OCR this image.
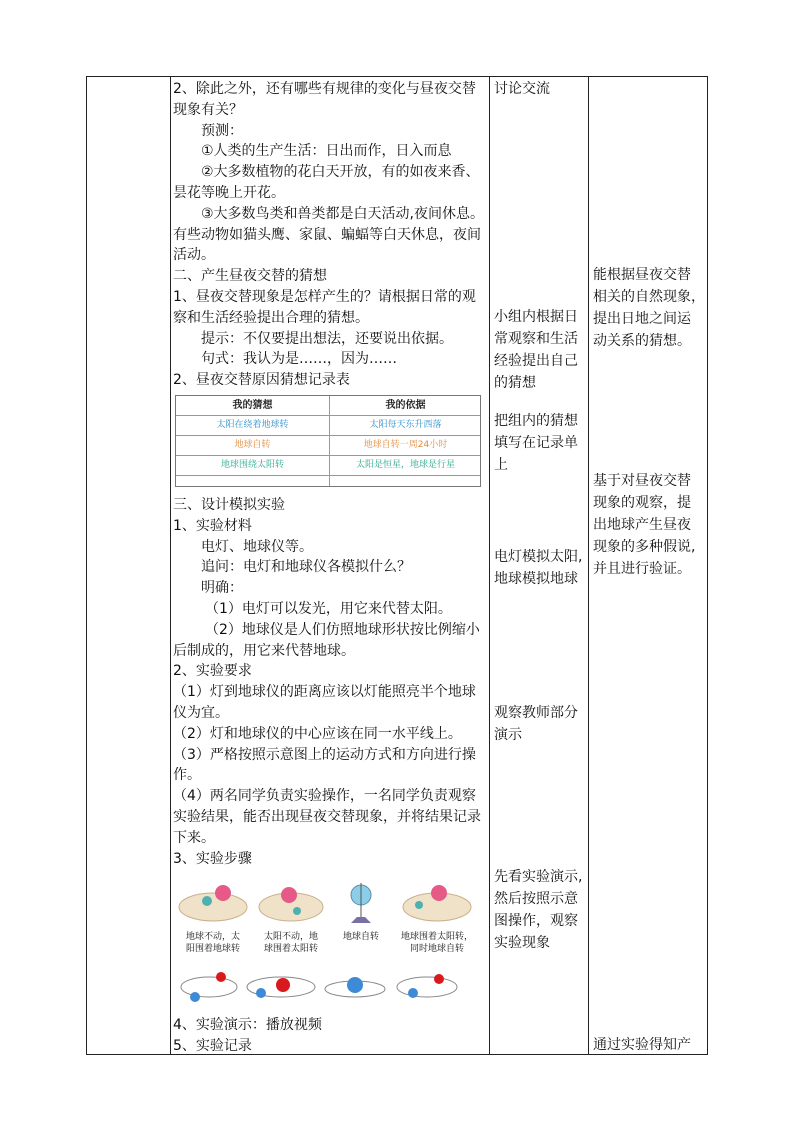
我的猜想	我的依据
太阳在绕着地球转	太阳每天东升西落
地球自转	地球自转一周24小时
地球围绕太阳转	太阳是恒星，地球是行星
2、除此之外，还有哪些有规律的变化与昼夜交替
现象有关？
预测：
①人类的生产生活：日出而作，日入而息
②大多数植物的花白天开放，有的如夜来香、
昙花等晚上开花。
③大多数鸟类和兽类都是白天活动,夜间休息。
有些动物如猫头鹰、家鼠、蝙蝠等白天休息，夜间
活动。
二、产生昼夜交替的猜想
1、昼夜交替现象是怎样产生的？请根据日常的观
察和生活经验提出合理的猜想。
提示：不仅要提出想法，还要说出依据。
句式：我认为是……，因为……
2、昼夜交替原因猜想记录表
三、设计模拟实验
1、实验材料
电灯、地球仪等。
追问：电灯和地球仪各模拟什么？
明确：
（1）电灯可以发光，用它来代替太阳。
（2）地球仪是人们仿照地球形状按比例缩小
后制成的，用它来代替地球。
2、实验要求
（1）灯到地球仪的距离应该以灯能照亮半个地球
仪为宜。
（2）灯和地球仪的中心应该在同一水平线上。
（3）严格按照示意图上的运动方式和方向进行操
作。
（4）两名同学负责实验操作，一名同学负责观察
实验结果，能否出现昼夜交替现象，并将结果记录
下来。
3、实验步骤
4、实验演示：播放视频
5、实验记录
地球不动，太
阳围着地球转
太阳不动，地
球围着太阳转
地球自转	地球围着太阳转，
同时地球自转
讨论交流
小组内根据日
常观察和生活
经验提出自己
的猜想
把组内的猜想
填写在记录单
上
电灯模拟太阳,
地球模拟地球
观察教师部分
演示
先看实验演示,
然后按照示意
图操作，观察
实验现象
能根据昼夜交替
相关的自然现象，
提出日地之间运
动关系的猜想。
基于对昼夜交替
现象的观察，提
出地球产生昼夜
现象的多种假说,
并且进行验证。
通过实验得知产
